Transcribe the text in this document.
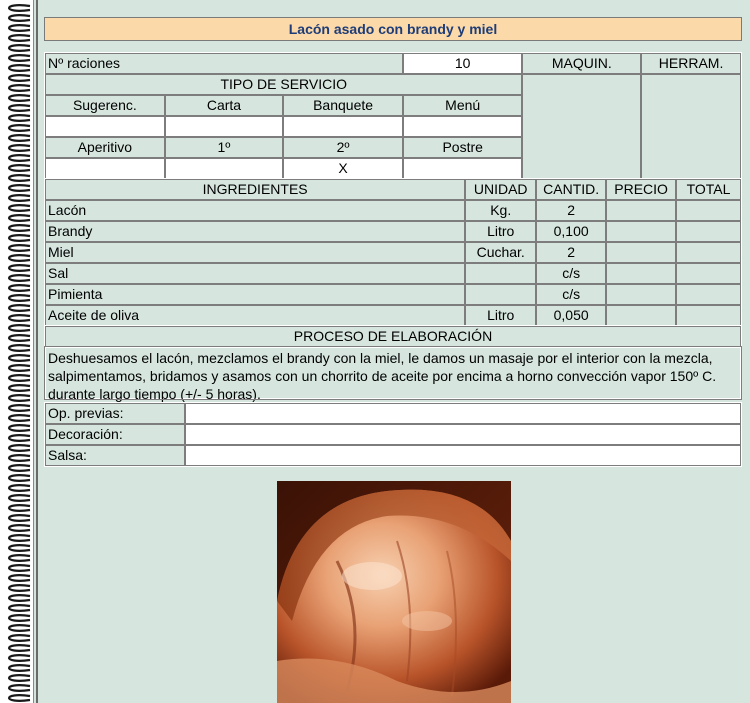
Lacón asado con brandy y miel
Nº raciones			10	MAQUIN.	HERRAM.
TIPO DE SERVICIO					
Sugerenc.	Carta	Banquete	Menú		

Aperitivo	1º	2º	Postre		
		X			
INGREDIENTES	UNIDAD	CANTID.	PRECIO	TOTAL
Lacón	Kg.	2		
Brandy	Litro	0,100		
Miel	Cuchar.	2		
Sal		c/s		
Pimienta		c/s		
Aceite de oliva	Litro	0,050		
PROCESO DE ELABORACIÓN
Deshuesamos el lacón, mezclamos el brandy con la miel, le damos un masaje por el interior con la mezcla, salpimentamos, bridamos y asamos con un chorrito de aceite por encima a horno convección vapor 150º C. durante largo tiempo (+/- 5 horas).
Op. previas:	
Decoración:	
Salsa:	
